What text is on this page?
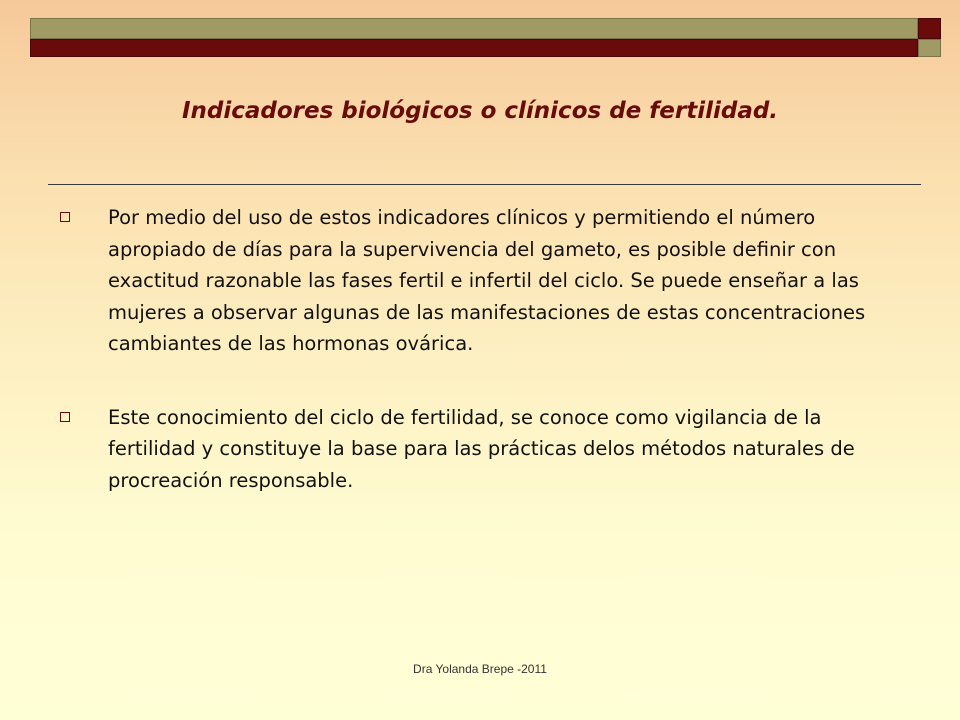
Indicadores biológicos o clínicos de fertilidad.
Por medio del uso de estos indicadores clínicos y permitiendo el número apropiado de días para la supervivencia del gameto, es posible definir con exactitud razonable las fases fertil e infertil del ciclo. Se puede enseñar a las mujeres a observar algunas de las manifestaciones de estas concentraciones cambiantes de las hormonas ovárica.
Este conocimiento del ciclo de fertilidad, se conoce como vigilancia de la fertilidad y constituye la base para las prácticas delos métodos naturales de procreación responsable.
Dra Yolanda Brepe -2011
